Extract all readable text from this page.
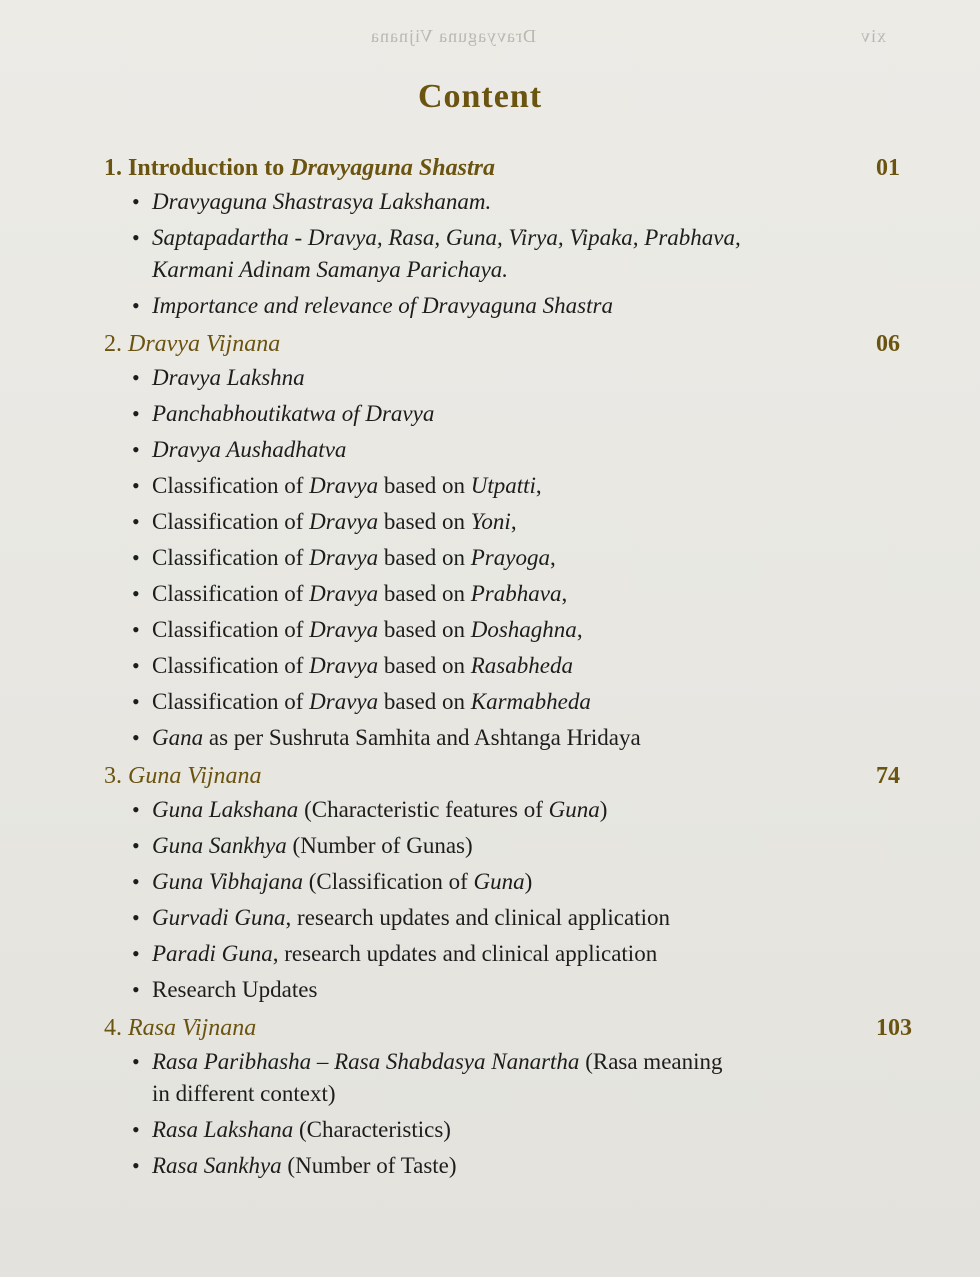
Dravyaguna Vijnana	xiv
Content
1. Introduction to Dravyaguna Shastra	01
• Dravyaguna Shastrasya Lakshanam.
• Saptapadartha - Dravya, Rasa, Guna, Virya, Vipaka, Prabhava,
Karmani Adinam Samanya Parichaya.
• Importance and relevance of Dravyaguna Shastra
2. Dravya Vijnana	06
• Dravya Lakshna
• Panchabhoutikatwa of Dravya
• Dravya Aushadhatva
• Classification of Dravya based on Utpatti,
• Classification of Dravya based on Yoni,
• Classification of Dravya based on Prayoga,
• Classification of Dravya based on Prabhava,
• Classification of Dravya based on Doshaghna,
• Classification of Dravya based on Rasabheda
• Classification of Dravya based on Karmabheda
• Gana as per Sushruta Samhita and Ashtanga Hridaya
3. Guna Vijnana	74
• Guna Lakshana (Characteristic features of Guna)
• Guna Sankhya (Number of Gunas)
• Guna Vibhajana (Classification of Guna)
• Gurvadi Guna, research updates and clinical application
• Paradi Guna, research updates and clinical application
• Research Updates
4. Rasa Vijnana	103
• Rasa Paribhasha – Rasa Shabdasya Nanartha (Rasa meaning
in different context)
• Rasa Lakshana (Characteristics)
• Rasa Sankhya (Number of Taste)
